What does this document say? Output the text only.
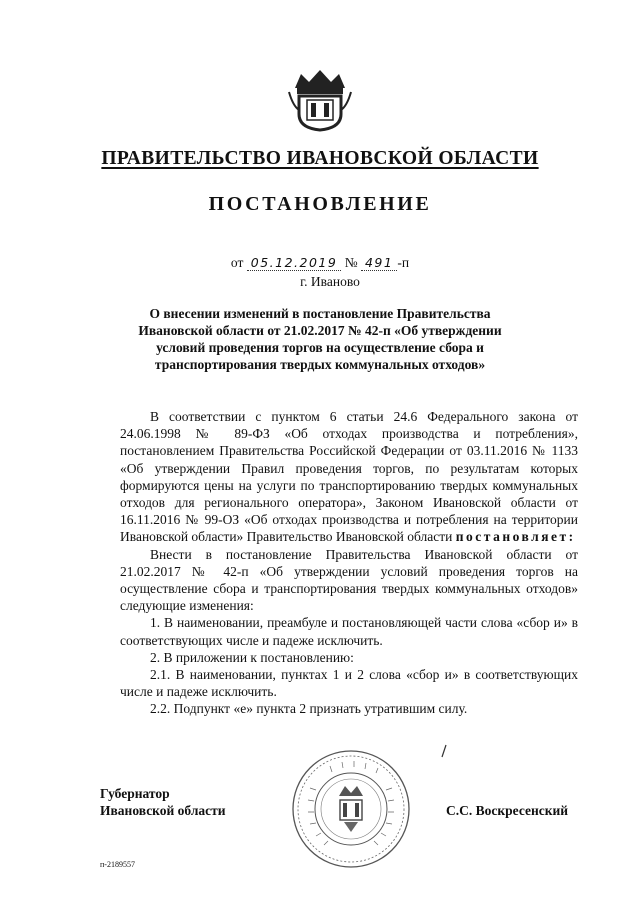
ПРАВИТЕЛЬСТВО ИВАНОВСКОЙ ОБЛАСТИ
ПОСТАНОВЛЕНИЕ
от 05.12.2019 № 491 -п
г. Иваново
О внесении изменений в постановление Правительства Ивановской области от 21.02.2017 № 42-п «Об утверждении условий проведения торгов на осуществление сбора и транспортирования твердых коммунальных отходов»

В соответствии с пунктом 6 статьи 24.6 Федерального закона от 24.06.1998 № 89-ФЗ «Об отходах производства и потребления», постановлением Правительства Российской Федерации от 03.11.2016 № 1133 «Об утверждении Правил проведения торгов, по результатам которых формируются цены на услуги по транспортированию твердых коммунальных отходов для регионального оператора», Законом Ивановской области от 16.11.2016 № 99-ОЗ «Об отходах производства и потребления на территории Ивановской области» Правительство Ивановской области постановляет:

Внести в постановление Правительства Ивановской области от 21.02.2017 № 42-п «Об утверждении условий проведения торгов на осуществление сбора и транспортирования твердых коммунальных отходов» следующие изменения:

1. В наименовании, преамбуле и постановляющей части слова «сбор и» в соответствующих числе и падеже исключить.

2. В приложении к постановлению:

2.1. В наименовании, пунктах 1 и 2 слова «сбор и» в соответствующих числе и падеже исключить.

2.2. Подпункт «е» пункта 2 признать утратившим силу.

Губернатор
Ивановской области	С.С. Воскресенский
п-2189557
